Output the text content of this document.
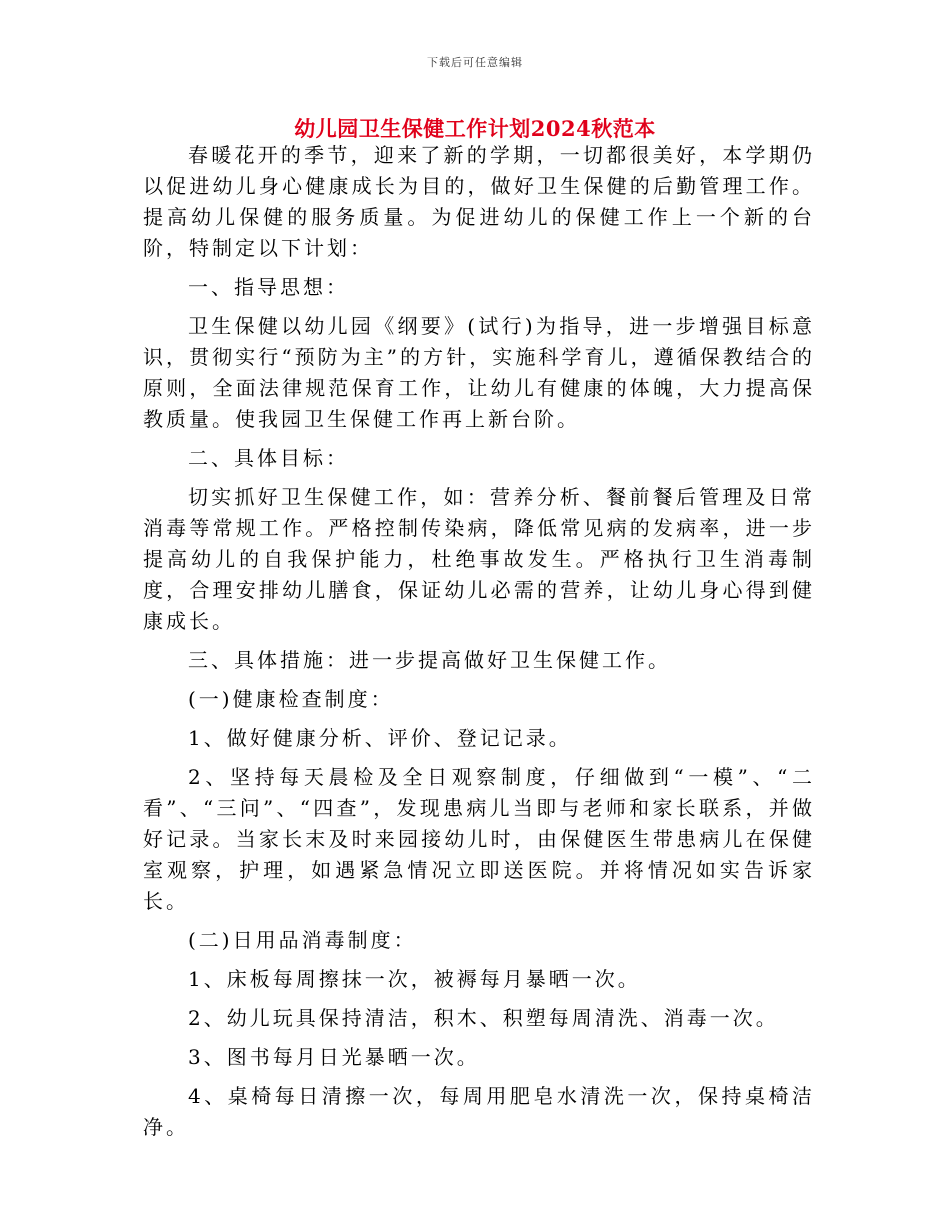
下载后可任意编辑
幼儿园卫生保健工作计划2024秋范本

春暖花开的季节，迎来了新的学期，一切都很美好，本学期仍以促进幼儿身心健康成长为目的，做好卫生保健的后勤管理工作。提高幼儿保健的服务质量。为促进幼儿的保健工作上一个新的台阶，特制定以下计划：

一、指导思想：

卫生保健以幼儿园《纲要》(试行)为指导，进一步增强目标意识，贯彻实行“预防为主”的方针，实施科学育儿，遵循保教结合的原则，全面法律规范保育工作，让幼儿有健康的体魄，大力提高保教质量。使我园卫生保健工作再上新台阶。

二、具体目标：

切实抓好卫生保健工作，如：营养分析、餐前餐后管理及日常消毒等常规工作。严格控制传染病，降低常见病的发病率，进一步提高幼儿的自我保护能力，杜绝事故发生。严格执行卫生消毒制度，合理安排幼儿膳食，保证幼儿必需的营养，让幼儿身心得到健康成长。

三、具体措施：进一步提高做好卫生保健工作。

(一)健康检查制度：

1、做好健康分析、评价、登记记录。

2、坚持每天晨检及全日观察制度，仔细做到“一模”、“二看”、“三问”、“四查”，发现患病儿当即与老师和家长联系，并做好记录。当家长末及时来园接幼儿时，由保健医生带患病儿在保健室观察，护理，如遇紧急情况立即送医院。并将情况如实告诉家长。

(二)日用品消毒制度：

1、床板每周擦抹一次，被褥每月暴晒一次。

2、幼儿玩具保持清洁，积木、积塑每周清洗、消毒一次。

3、图书每月日光暴晒一次。

4、桌椅每日清擦一次，每周用肥皂水清洗一次，保持桌椅洁净。
